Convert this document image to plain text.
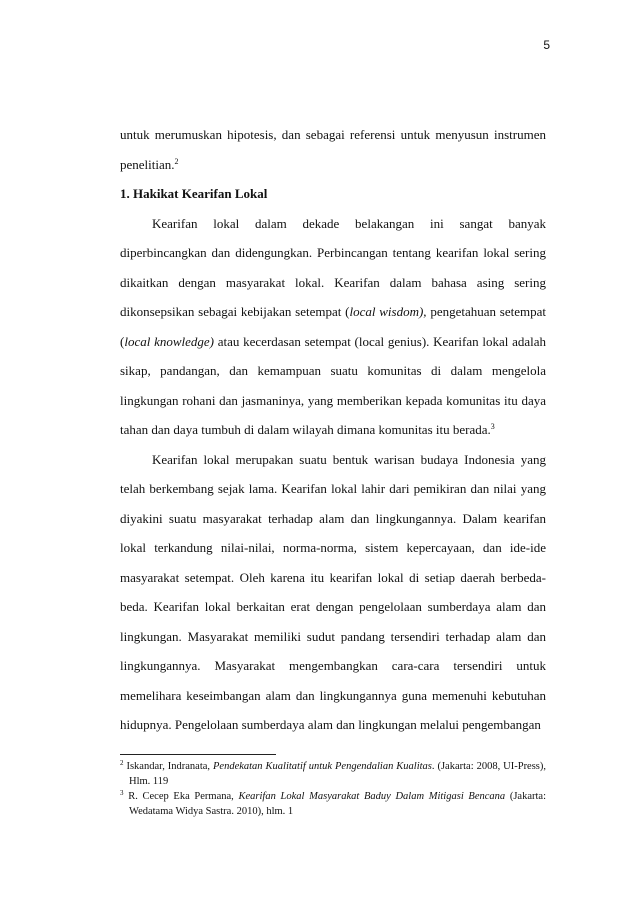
5

untuk merumuskan hipotesis, dan sebagai referensi untuk menyusun instrumen penelitian.$^2$

1. Hakikat Kearifan Lokal

Kearifan lokal dalam dekade belakangan ini sangat banyak diperbincangkan dan didengungkan. Perbincangan tentang kearifan lokal sering dikaitkan dengan masyarakat lokal. Kearifan dalam bahasa asing sering dikonsepsikan sebagai kebijakan setempat (local wisdom), pengetahuan setempat (local knowledge) atau kecerdasan setempat (local genius). Kearifan lokal adalah sikap, pandangan, dan kemampuan suatu komunitas di dalam mengelola lingkungan rohani dan jasmaninya, yang memberikan kepada komunitas itu daya tahan dan daya tumbuh di dalam wilayah dimana komunitas itu berada.$^3$

Kearifan lokal merupakan suatu bentuk warisan budaya Indonesia yang telah berkembang sejak lama. Kearifan lokal lahir dari pemikiran dan nilai yang diyakini suatu masyarakat terhadap alam dan lingkungannya. Dalam kearifan lokal terkandung nilai-nilai, norma-norma, sistem kepercayaan, dan ide-ide masyarakat setempat. Oleh karena itu kearifan lokal di setiap daerah berbeda-beda. Kearifan lokal berkaitan erat dengan pengelolaan sumberdaya alam dan lingkungan. Masyarakat memiliki sudut pandang tersendiri terhadap alam dan lingkungannya. Masyarakat mengembangkan cara-cara tersendiri untuk memelihara keseimbangan alam dan lingkungannya guna memenuhi kebutuhan hidupnya. Pengelolaan sumberdaya alam dan lingkungan melalui pengembangan

$^2$ Iskandar, Indranata, Pendekatan Kualitatif untuk Pengendalian Kualitas. (Jakarta: 2008, UI-Press), Hlm. 119

$^3$ R. Cecep Eka Permana, Kearifan Lokal Masyarakat Baduy Dalam Mitigasi Bencana (Jakarta: Wedatama Widya Sastra. 2010), hlm. 1
